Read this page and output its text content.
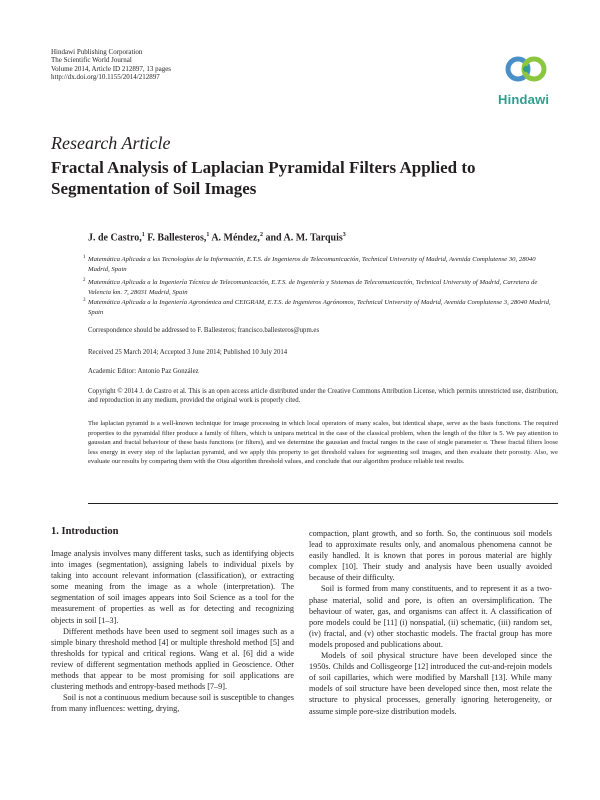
Hindawi Publishing Corporation
The Scientific World Journal
Volume 2014, Article ID 212897, 13 pages
http://dx.doi.org/10.1155/2014/212897
Hindawi
Research Article
Fractal Analysis of Laplacian Pyramidal Filters Applied to Segmentation of Soil Images
J. de Castro,$^1$ F. Ballesteros,$^1$ A. Méndez,$^2$ and A. M. Tarquis$^3$
$^1$ Matemática Aplicada a las Tecnologías de la Información, E.T.S. de Ingenieros de Telecomunicación, Technical University of Madrid, Avenida Complutense 30, 28040 Madrid, Spain
$^2$ Matemática Aplicada a la Ingeniería Técnica de Telecomunicación, E.T.S. de Ingeniería y Sistemas de Telecomunicación, Technical University of Madrid, Carretera de Valencia km. 7, 28031 Madrid, Spain
$^3$ Matemática Aplicada a la Ingeniería Agronómica and CEIGRAM, E.T.S. de Ingenieros Agrónomos, Technical University of Madrid, Avenida Complutense 3, 28040 Madrid, Spain
Correspondence should be addressed to F. Ballesteros; francisco.ballesteros@upm.es
Received 25 March 2014; Accepted 3 June 2014; Published 10 July 2014
Academic Editor: Antonio Paz González
Copyright © 2014 J. de Castro et al. This is an open access article distributed under the Creative Commons Attribution License, which permits unrestricted use, distribution, and reproduction in any medium, provided the original work is properly cited.
The laplacian pyramid is a well-known technique for image processing in which local operators of many scales, but identical shape, serve as the basis functions. The required properties to the pyramidal filter produce a family of filters, which is unipara metrical in the case of the classical problem, when the length of the filter is 5. We pay attention to gaussian and fractal behaviour of these basis functions (or filters), and we determine the gaussian and fractal ranges in the case of single parameter α. These fractal filters loose less energy in every step of the laplacian pyramid, and we apply this property to get threshold values for segmenting soil images, and then evaluate their porosity. Also, we evaluate our results by comparing them with the Otsu algorithm threshold values, and conclude that our algorithm produce reliable test results.
1. Introduction

Image analysis involves many different tasks, such as identifying objects into images (segmentation), assigning labels to individual pixels by taking into account relevant information (classification), or extracting some meaning from the image as a whole (interpretation). The segmentation of soil images appears into Soil Science as a tool for the measurement of properties as well as for detecting and recognizing objects in soil [1–3].

Different methods have been used to segment soil images such as a simple binary threshold method [4] or multiple threshold method [5] and thresholds for typical and critical regions. Wang et al. [6] did a wide review of different segmentation methods applied in Geoscience. Other methods that appear to be most promising for soil applications are clustering methods and entropy-based methods [7–9].

Soil is not a continuous medium because soil is susceptible to changes from many influences: wetting, drying,

compaction, plant growth, and so forth. So, the continuous soil models lead to approximate results only, and anomalous phenomena cannot be easily handled. It is known that pores in porous material are highly complex [10]. Their study and analysis have been usually avoided because of their difficulty.

Soil is formed from many constituents, and to represent it as a two-phase material, solid and pore, is often an oversimplification. The behaviour of water, gas, and organisms can affect it. A classification of pore models could be [11] (i) nonspatial, (ii) schematic, (iii) random set, (iv) fractal, and (v) other stochastic models. The fractal group has more models proposed and publications about.

Models of soil physical structure have been developed since the 1950s. Childs and Collisgeorge [12] introduced the cut-and-rejoin models of soil capillaries, which were modified by Marshall [13]. While many models of soil structure have been developed since then, most relate the structure to physical processes, generally ignoring heterogeneity, or assume simple pore-size distribution models.
